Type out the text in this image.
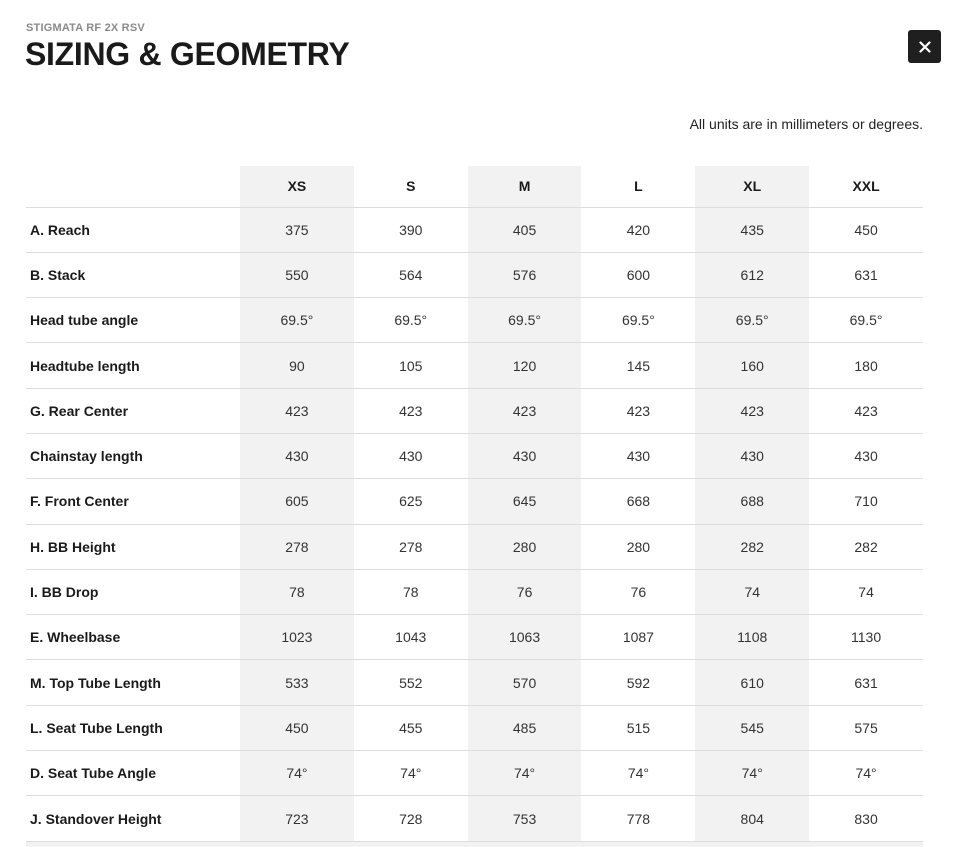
STIGMATA RF 2X RSV
SIZING & GEOMETRY
All units are in millimeters or degrees.
	XS	S	M	L	XL	XXL
A. Reach	375	390	405	420	435	450
B. Stack	550	564	576	600	612	631
Head tube angle	69.5°	69.5°	69.5°	69.5°	69.5°	69.5°
Headtube length	90	105	120	145	160	180
G. Rear Center	423	423	423	423	423	423
Chainstay length	430	430	430	430	430	430
F. Front Center	605	625	645	668	688	710
H. BB Height	278	278	280	280	282	282
I. BB Drop	78	78	76	76	74	74
E. Wheelbase	1023	1043	1063	1087	1108	1130
M. Top Tube Length	533	552	570	592	610	631
L. Seat Tube Length	450	455	485	515	545	575
D. Seat Tube Angle	74°	74°	74°	74°	74°	74°
J. Standover Height	723	728	753	778	804	830
